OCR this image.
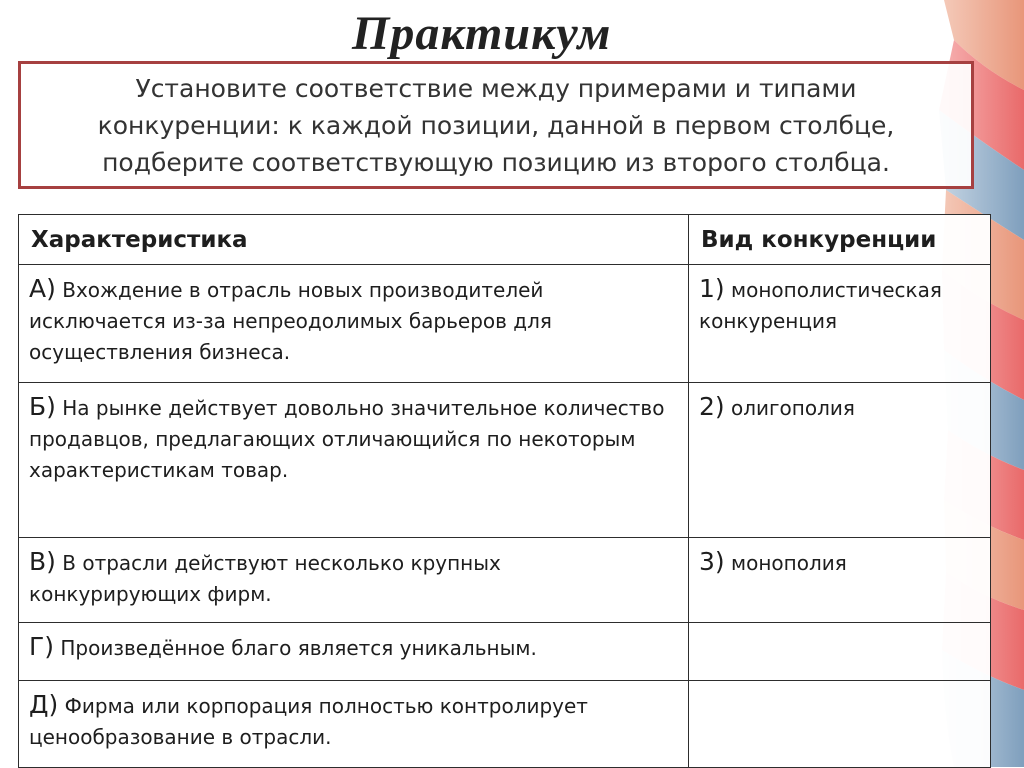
Практикум

Установите соответствие между примерами и типами
конкуренции: к каждой позиции, данной в первом столбце,
подберите соответствующую позицию из второго столбца.

Характеристика	Вид конкуренции
А) Вхождение в отрасль новых производителей исключается из-за непреодолимых барьеров для осуществления бизнеса.	1) монополистическая конкуренция
Б) На рынке действует довольно значительное количество продавцов, предлагающих отличающийся по некоторым характеристикам товар.	2) олигополия
В) В отрасли действуют несколько крупных конкурирующих фирм.	3) монополия
Г) Произведённое благо является уникальным.	
Д) Фирма или корпорация полностью контролирует ценообразование в отрасли.	
